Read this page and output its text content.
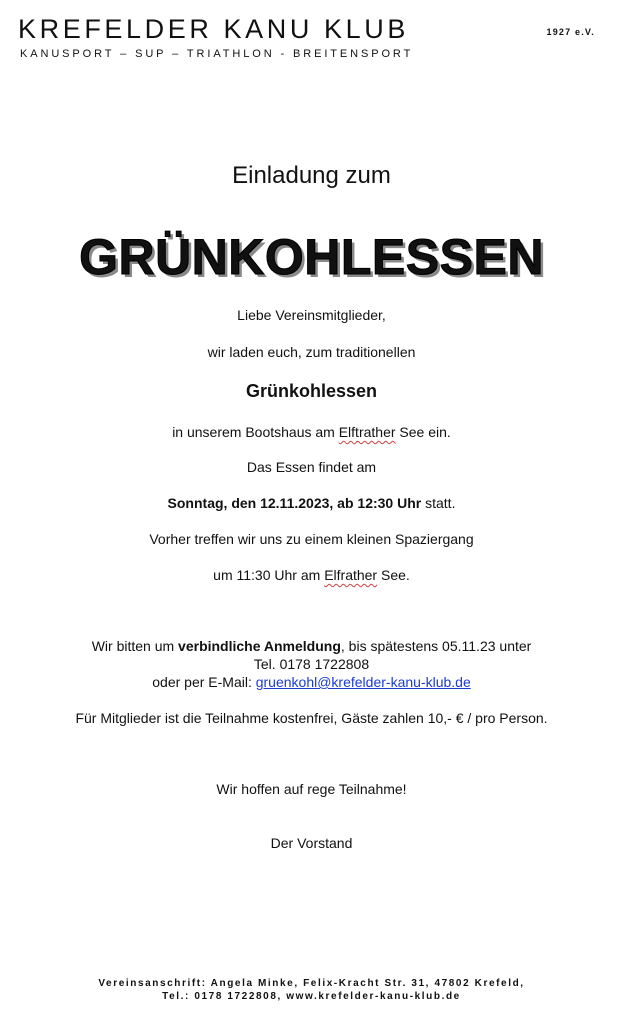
KREFELDER KANU KLUB	1927 e.V.
KANUSPORT – SUP – TRIATHLON - BREITENSPORT
Einladung zum
GRÜNKOHLESSEN
Liebe Vereinsmitglieder,
wir laden euch, zum traditionellen
Grünkohlessen
in unserem Bootshaus am Elftrather See ein.
Das Essen findet am
Sonntag, den 12.11.2023, ab 12:30 Uhr statt.
Vorher treffen wir uns zu einem kleinen Spaziergang
um 11:30 Uhr am Elfrather See.
Wir bitten um verbindliche Anmeldung, bis spätestens 05.11.23 unter
Tel. 0178 1722808
oder per E-Mail: gruenkohl@krefelder-kanu-klub.de
Für Mitglieder ist die Teilnahme kostenfrei, Gäste zahlen 10,- € / pro Person.
Wir hoffen auf rege Teilnahme!
Der Vorstand
Vereinsanschrift: Angela Minke, Felix-Kracht Str. 31, 47802 Krefeld,
Tel.: 0178 1722808, www.krefelder-kanu-klub.de
